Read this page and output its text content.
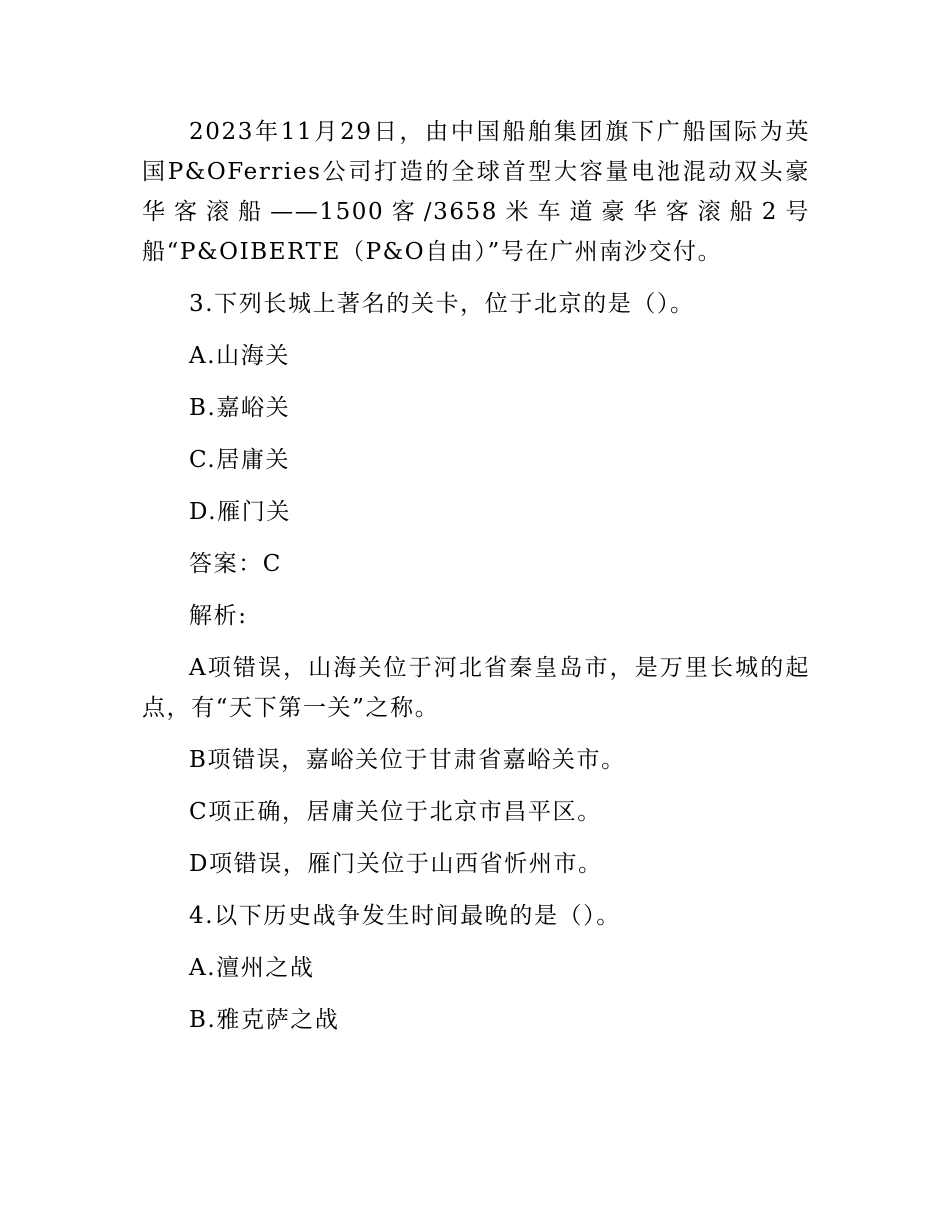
2023年11月29日，由中国船舶集团旗下广船国际为英国P&OFerries公司打造的全球首型大容量电池混动双头豪华客滚船——1500客/3658米车道豪华客滚船2号船“P&OIBERTE（P&O自由）”号在广州南沙交付。

3.下列长城上著名的关卡，位于北京的是（）。

A.山海关

B.嘉峪关

C.居庸关

D.雁门关

答案：C

解析:

A项错误，山海关位于河北省秦皇岛市，是万里长城的起点，有“天下第一关”之称。

B项错误，嘉峪关位于甘肃省嘉峪关市。

C项正确，居庸关位于北京市昌平区。

D项错误，雁门关位于山西省忻州市。

4.以下历史战争发生时间最晚的是（）。

A.澶州之战

B.雅克萨之战
